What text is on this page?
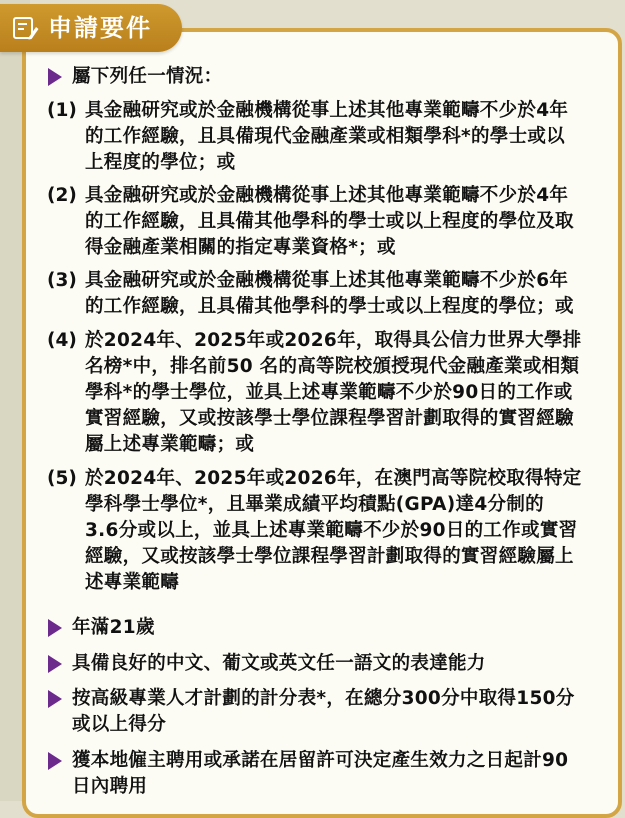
申請要件
屬下列任一情況：
(1) 具金融研究或於金融機構從事上述其他專業範疇不少於4年
的工作經驗，且具備現代金融產業或相類學科*的學士或以
上程度的學位；或
(2) 具金融研究或於金融機構從事上述其他專業範疇不少於4年
的工作經驗，且具備其他學科的學士或以上程度的學位及取
得金融產業相關的指定專業資格*；或
(3) 具金融研究或於金融機構從事上述其他專業範疇不少於6年
的工作經驗，且具備其他學科的學士或以上程度的學位；或
(4) 於2024年、2025年或2026年，取得具公信力世界大學排
名榜*中，排名前50 名的高等院校頒授現代金融產業或相類
學科*的學士學位，並具上述專業範疇不少於90日的工作或
實習經驗，又或按該學士學位課程學習計劃取得的實習經驗
屬上述專業範疇；或
(5) 於2024年、2025年或2026年，在澳門高等院校取得特定
學科學士學位*，且畢業成績平均積點(GPA)達4分制的
3.6分或以上，並具上述專業範疇不少於90日的工作或實習
經驗，又或按該學士學位課程學習計劃取得的實習經驗屬上
述專業範疇
年滿21歲
具備良好的中文、葡文或英文任一語文的表達能力
按高級專業人才計劃的計分表*，在總分300分中取得150分
或以上得分
獲本地僱主聘用或承諾在居留許可決定產生效力之日起計90
日內聘用
